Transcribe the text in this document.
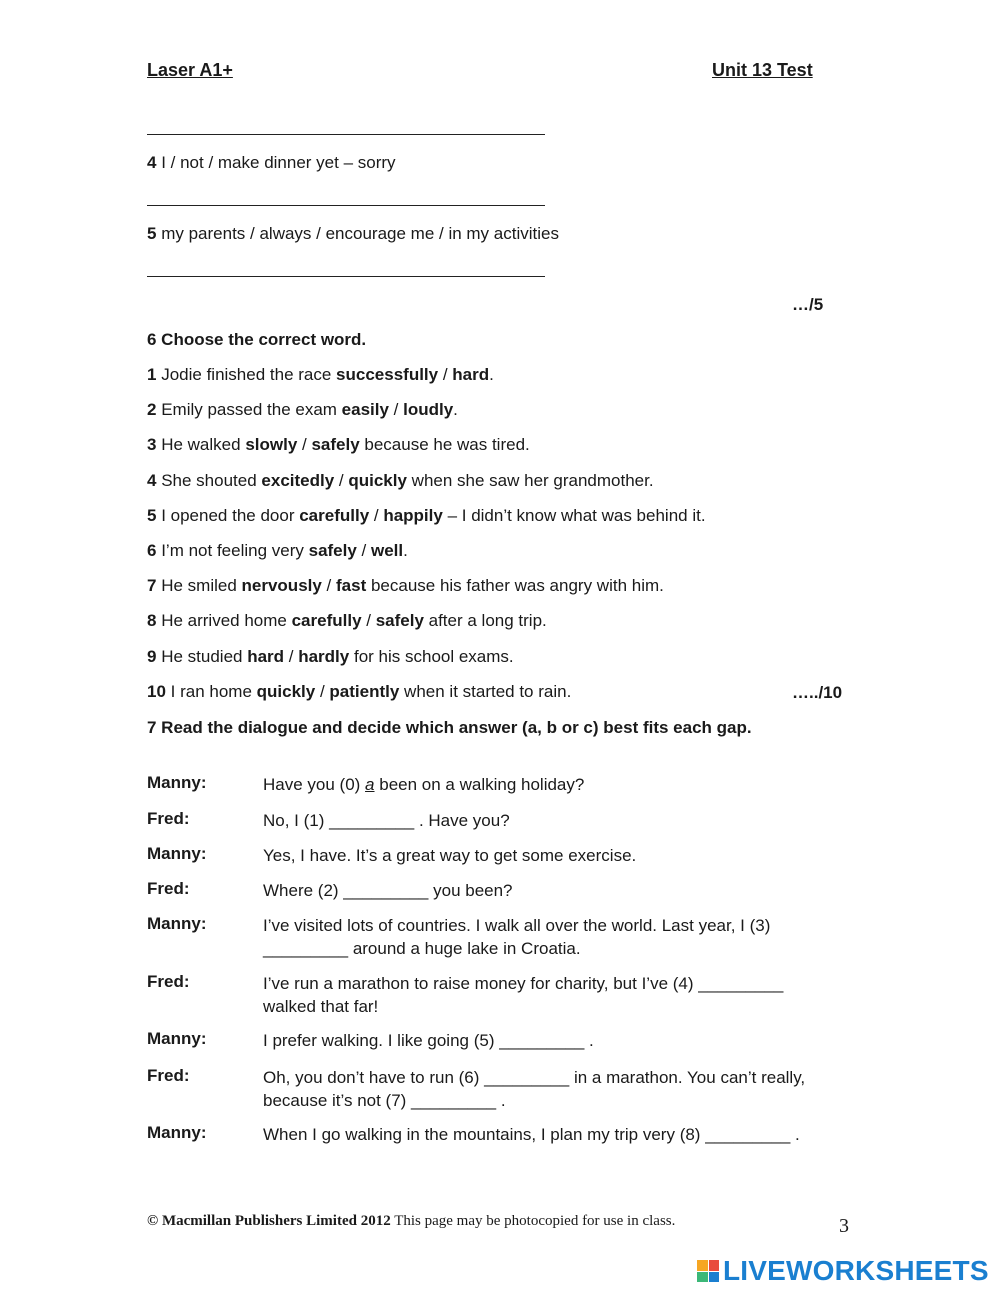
Laser A1+	Unit 13 Test
4 I / not / make dinner yet – sorry
5 my parents / always / encourage me / in my activities
…/5
6 Choose the correct word.
1 Jodie finished the race successfully / hard.
2 Emily passed the exam easily / loudly.
3 He walked slowly / safely because he was tired.
4 She shouted excitedly / quickly when she saw her grandmother.
5 I opened the door carefully / happily – I didn’t know what was behind it.
6 I’m not feeling very safely / well.
7 He smiled nervously / fast because his father was angry with him.
8 He arrived home carefully / safely after a long trip.
9 He studied hard / hardly for his school exams.
10 I ran home quickly / patiently when it started to rain.	…../10
7 Read the dialogue and decide which answer (a, b or c) best fits each gap.
Manny:	Have you (0) a been on a walking holiday?
Fred:	No, I (1) _________ . Have you?
Manny:	Yes, I have. It’s a great way to get some exercise.
Fred:	Where (2) _________ you been?
Manny:	I’ve visited lots of countries. I walk all over the world. Last year, I (3)
_________ around a huge lake in Croatia.
Fred:	I’ve run a marathon to raise money for charity, but I’ve (4) _________
walked that far!
Manny:	I prefer walking. I like going (5) _________ .
Fred:	Oh, you don’t have to run (6) _________ in a marathon. You can’t really,
because it’s not (7) _________ .
Manny:	When I go walking in the mountains, I plan my trip very (8) _________ .
© Macmillan Publishers Limited 2012 This page may be photocopied for use in class.	3
LIVEWORKSHEETS
